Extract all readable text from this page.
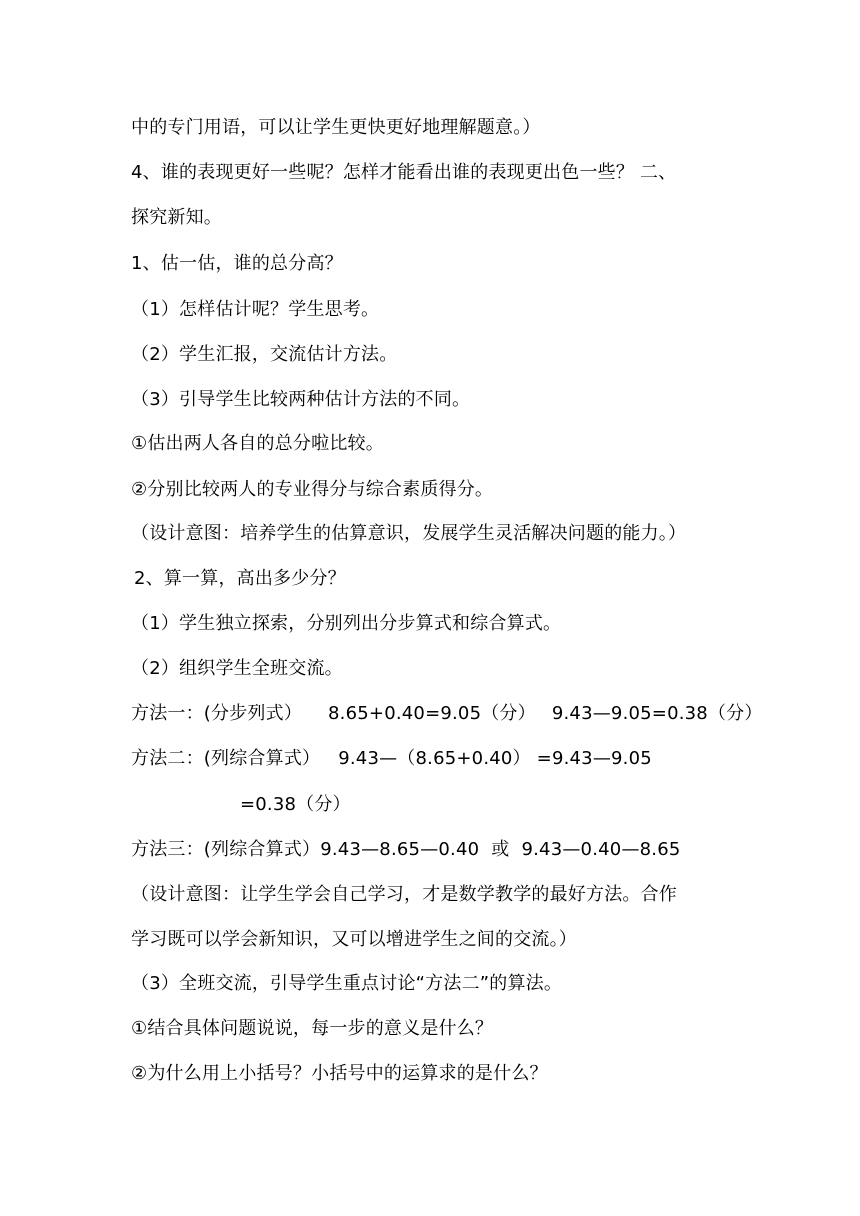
中的专门用语，可以让学生更快更好地理解题意。）
4、谁的表现更好一些呢？怎样才能看出谁的表现更出色一些？ 二、
探究新知。
1、估一估，谁的总分高？
（1）怎样估计呢？学生思考。
（2）学生汇报，交流估计方法。
（3）引导学生比较两种估计方法的不同。
①估出两人各自的总分啦比较。
②分别比较两人的专业得分与综合素质得分。
（设计意图：培养学生的估算意识，发展学生灵活解决问题的能力。）
2、算一算，高出多少分？
（1）学生独立探索，分别列出分步算式和综合算式。
（2）组织学生全班交流。
方法一：(分步列式） 8.65+0.40=9.05（分） 9.43—9.05=0.38（分）
方法二：(列综合算式） 9.43—（8.65+0.40） =9.43—9.05
=0.38（分）
方法三：(列综合算式）9.43—8.65—0.40 或 9.43—0.40—8.65
（设计意图：让学生学会自己学习，才是数学教学的最好方法。合作
学习既可以学会新知识，又可以增进学生之间的交流。）
（3）全班交流，引导学生重点讨论“方法二”的算法。
①结合具体问题说说，每一步的意义是什么？
②为什么用上小括号？小括号中的运算求的是什么？
